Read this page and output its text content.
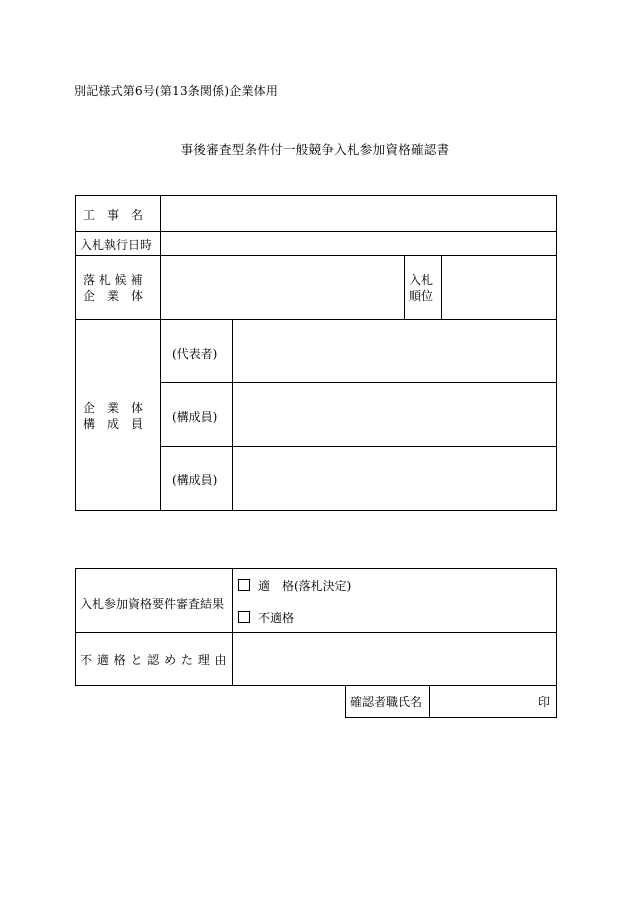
別記様式第6号(第13条関係)企業体用
事後審査型条件付一般競争入札参加資格確認書
工　事　名
入札執行日時
落 札 候 補
企　業　体
入札
順位
企　業　体
構　成　員
(代表者)
(構成員)
(構成員)
入札参加資格要件審査結果
適　格(落札決定)
不適格
不 適 格 と 認 め た 理 由
確認者職氏名	印
